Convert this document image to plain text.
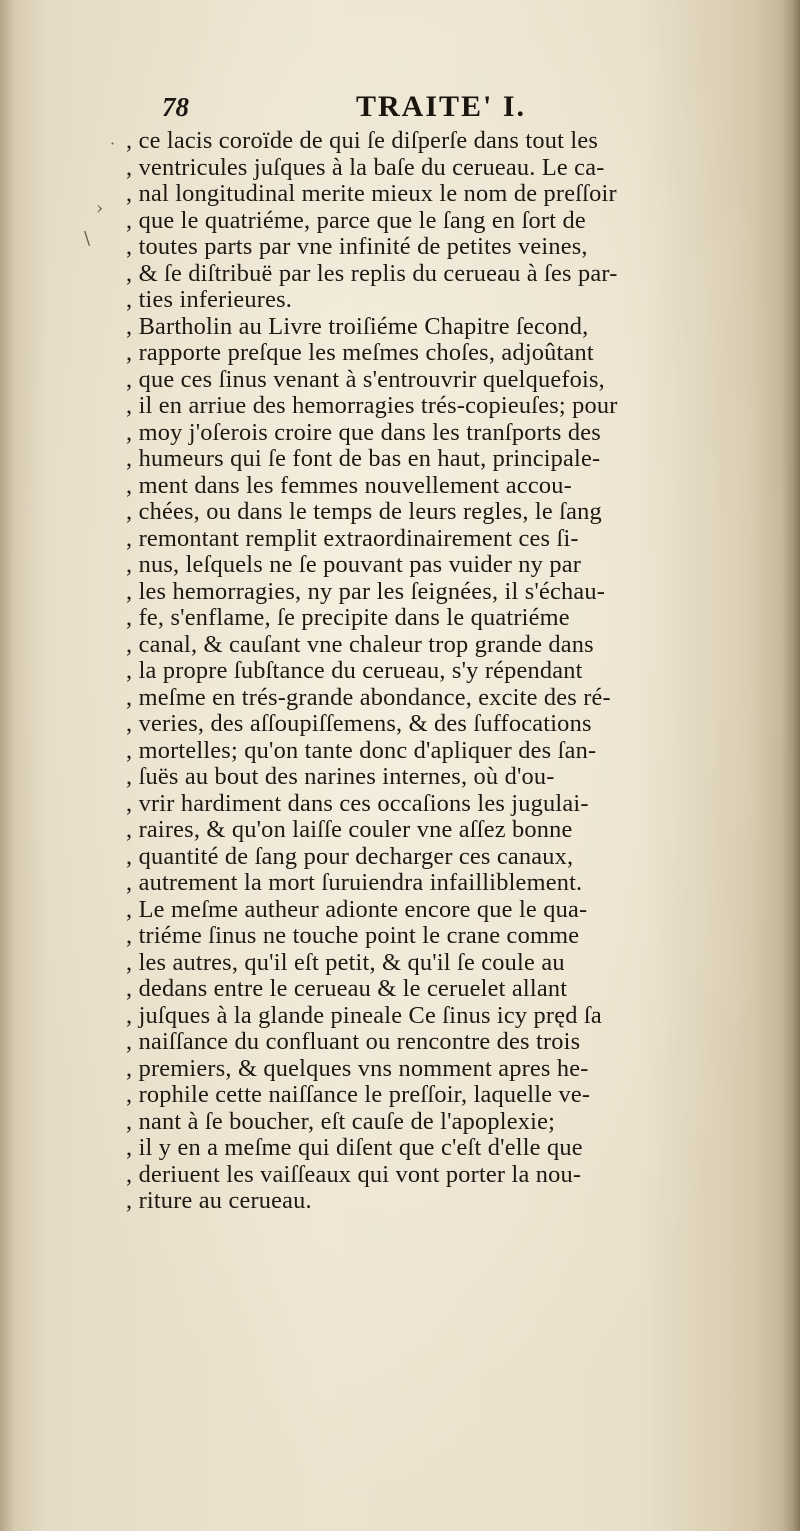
˙
›
\
78	TRAITE' I.
, ce lacis coroïde de qui ſe diſperſe dans tout les
, ventricules juſques à la baſe du cerueau. Le ca-
, nal longitudinal merite mieux le nom de preſſoir
, que le quatriéme, parce que le ſang en ſort de
, toutes parts par vne infinité de petites veines,
, & ſe diſtribuë par les replis du cerueau à ſes par-
, ties inferieures.
, Bartholin au Livre troiſiéme Chapitre ſecond,
, rapporte preſque les meſmes choſes, adjoûtant
, que ces ſinus venant à s'entrouvrir quelquefois,
, il en arriue des hemorragies trés-copieuſes; pour
, moy j'oſerois croire que dans les tranſports des
, humeurs qui ſe font de bas en haut, principale-
, ment dans les femmes nouvellement accou-
, chées, ou dans le temps de leurs regles, le ſang
, remontant remplit extraordinairement ces ſi-
, nus, leſquels ne ſe pouvant pas vuider ny par
, les hemorragies, ny par les ſeignées, il s'échau-
, fe, s'enflame, ſe precipite dans le quatriéme
, canal, & cauſant vne chaleur trop grande dans
, la propre ſubſtance du cerueau, s'y répendant
, meſme en trés-grande abondance, excite des ré-
, veries, des aſſoupiſſemens, & des ſuffocations
, mortelles; qu'on tante donc d'apliquer des ſan-
, ſuës au bout des narines internes, où d'ou-
, vrir hardiment dans ces occaſions les jugulai-
, raires, & qu'on laiſſe couler vne aſſez bonne
, quantité de ſang pour decharger ces canaux,
, autrement la mort ſuruiendra infailliblement.
, Le meſme autheur adionte encore que le qua-
, triéme ſinus ne touche point le crane comme
, les autres, qu'il eſt petit, & qu'il ſe coule au
, dedans entre le cerueau & le ceruelet allant
, juſques à la glande pineale Ce ſinus icy pręd ſa
, naiſſance du confluant ou rencontre des trois
, premiers, & quelques vns nomment apres he-
, rophile cette naiſſance le preſſoir, laquelle ve-
, nant à ſe boucher, eſt cauſe de l'apoplexie;
, il y en a meſme qui diſent que c'eſt d'elle que
, deriuent les vaiſſeaux qui vont porter la nou-
, riture au cerueau.
